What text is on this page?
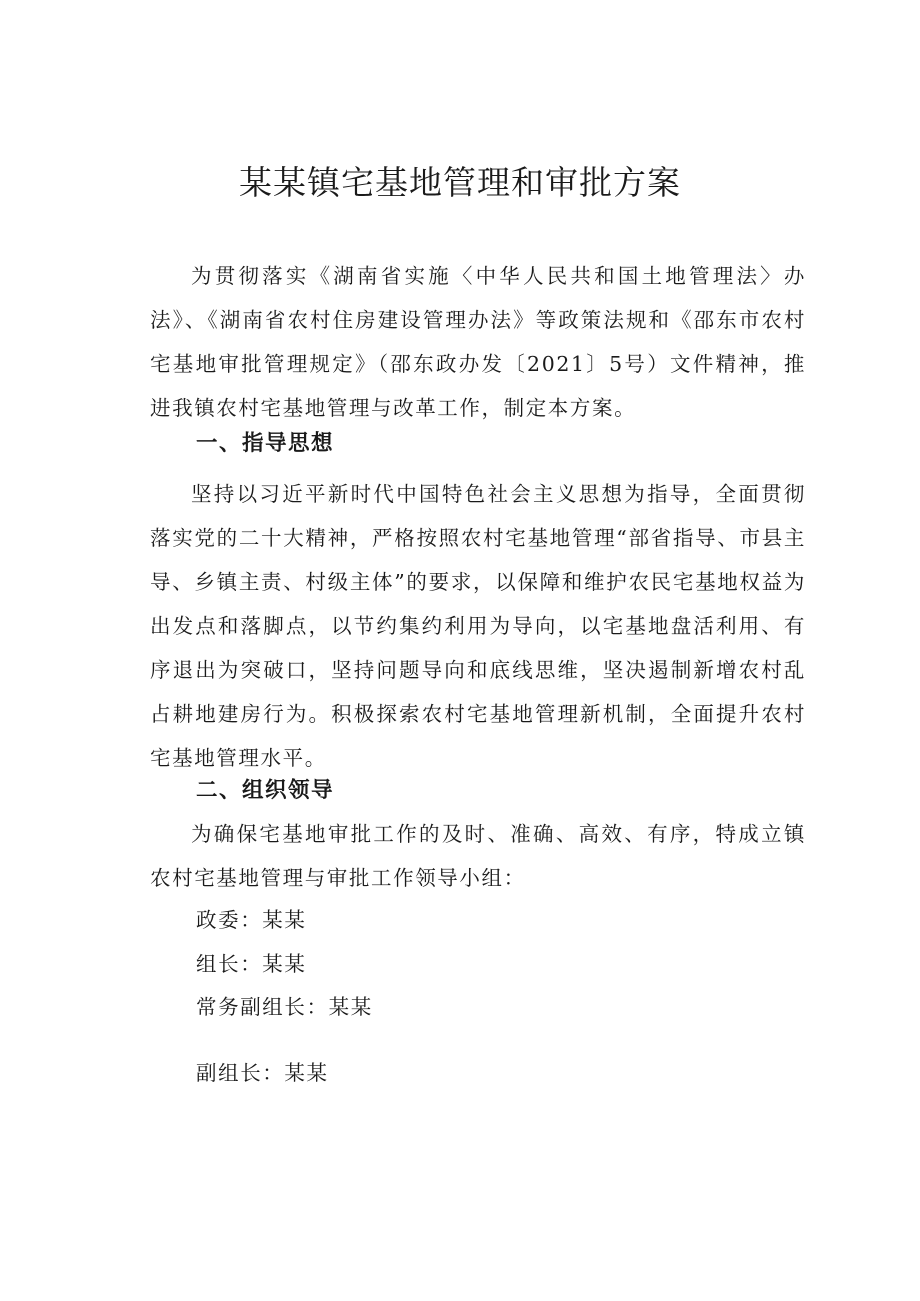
某某镇宅基地管理和审批方案
为贯彻落实《湖南省实施〈中华人民共和国土地管理法〉办法》、《湖南省农村住房建设管理办法》等政策法规和《邵东市农村宅基地审批管理规定》（邵东政办发〔2021〕5号）文件精神，推进我镇农村宅基地管理与改革工作，制定本方案。
一、指导思想
坚持以习近平新时代中国特色社会主义思想为指导，全面贯彻落实党的二十大精神，严格按照农村宅基地管理“部省指导、市县主导、乡镇主责、村级主体”的要求，以保障和维护农民宅基地权益为出发点和落脚点，以节约集约利用为导向，以宅基地盘活利用、有序退出为突破口，坚持问题导向和底线思维，坚决遏制新增农村乱占耕地建房行为。积极探索农村宅基地管理新机制，全面提升农村宅基地管理水平。
二、组织领导
为确保宅基地审批工作的及时、准确、高效、有序，特成立镇农村宅基地管理与审批工作领导小组：
政委：某某
组长：某某
常务副组长：某某
副组长：某某
